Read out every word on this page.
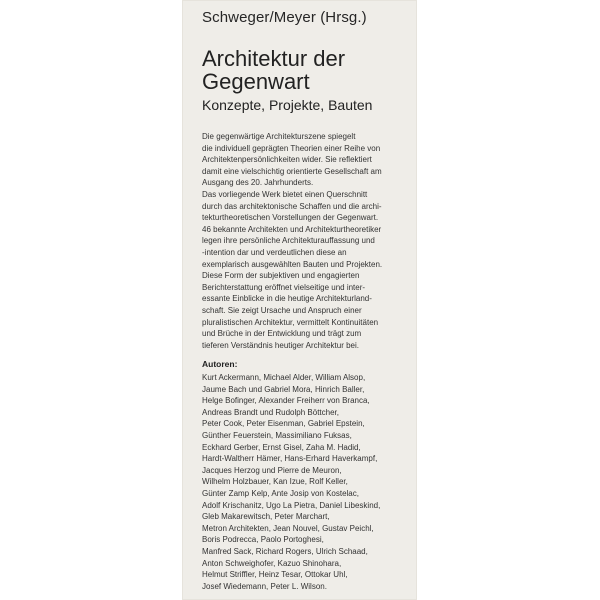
Schweger/Meyer (Hrsg.)
Architektur der
Gegenwart
Konzepte, Projekte, Bauten
Die gegenwärtige Architekturszene spiegelt
die individuell geprägten Theorien einer Reihe von
Architektenpersönlichkeiten wider. Sie reflektiert
damit eine vielschichtig orientierte Gesellschaft am
Ausgang des 20. Jahrhunderts.
Das vorliegende Werk bietet einen Querschnitt
durch das architektonische Schaffen und die archi-
tekturtheoretischen Vorstellungen der Gegenwart.
46 bekannte Architekten und Architekturtheoretiker
legen ihre persönliche Architekturauffassung und
-intention dar und verdeutlichen diese an
exemplarisch ausgewählten Bauten und Projekten.
Diese Form der subjektiven und engagierten
Berichterstattung eröffnet vielseitige und inter-
essante Einblicke in die heutige Architekturland-
schaft. Sie zeigt Ursache und Anspruch einer
pluralistischen Architektur, vermittelt Kontinuitäten
und Brüche in der Entwicklung und trägt zum
tieferen Verständnis heutiger Architektur bei.
Autoren:
Kurt Ackermann, Michael Alder, William Alsop,
Jaume Bach und Gabriel Mora, Hinrich Baller,
Helge Bofinger, Alexander Freiherr von Branca,
Andreas Brandt und Rudolph Böttcher,
Peter Cook, Peter Eisenman, Gabriel Epstein,
Günther Feuerstein, Massimiliano Fuksas,
Eckhard Gerber, Ernst Gisel, Zaha M. Hadid,
Hardt-Waltherr Hämer, Hans-Erhard Haverkampf,
Jacques Herzog und Pierre de Meuron,
Wilhelm Holzbauer, Kan Izue, Rolf Keller,
Günter Zamp Kelp, Ante Josip von Kostelac,
Adolf Krischanitz, Ugo La Pietra, Daniel Libeskind,
Gleb Makarewitsch, Peter Marchart,
Metron Architekten, Jean Nouvel, Gustav Peichl,
Boris Podrecca, Paolo Portoghesi,
Manfred Sack, Richard Rogers, Ulrich Schaad,
Anton Schweighofer, Kazuo Shinohara,
Helmut Striffler, Heinz Tesar, Ottokar Uhl,
Josef Wiedemann, Peter L. Wilson.
